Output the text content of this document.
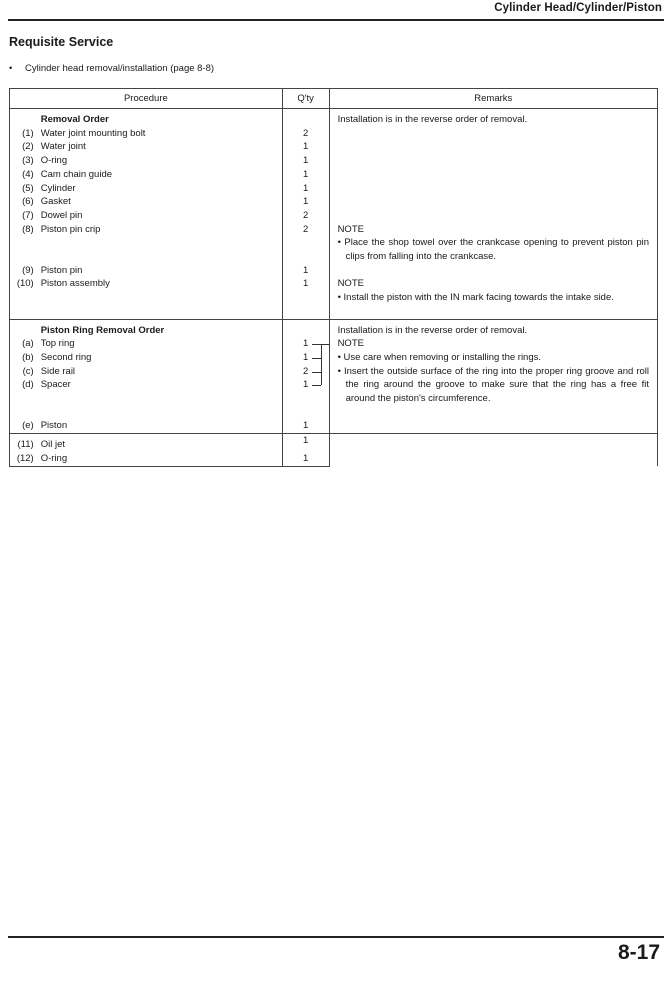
Cylinder Head/Cylinder/Piston
Requisite Service
• Cylinder head removal/installation (page 8-8)
Procedure		Q'ty	Remarks
	Removal Order		Installation is in the reverse order of removal.

(1)	Water joint mounting bolt	2	
(2)	Water joint	1	
(3)	O-ring	1	
(4)	Cam chain guide	1	
(5)	Cylinder	1	
(6)	Gasket	1	
(7)	Dowel pin	2	
(8)	Piston pin crip	2	NOTE

• Place the shop towel over the crankcase opening to prevent piston pin clips from falling into the crankcase.

(9)	Piston pin	1	
(10)	Piston assembly	1	NOTE

• Install the piston with the IN mark facing towards the intake side.

	Piston Ring Removal Order		Installation is in the reverse order of removal.
(a)	Top ring	1	NOTE

• Use care when removing or installing the rings.

• Insert the outside surface of the ring into the proper ring groove and roll the ring around the groove to make sure that the ring has a free fit around the piston's circumference.

(b)	Second ring	1	

(c)	Side rail	2	

(d)	Spacer	1	

(e)	Piston	1	
(11)	Oil jet	1	
(12)	O-ring	1	
8-17
